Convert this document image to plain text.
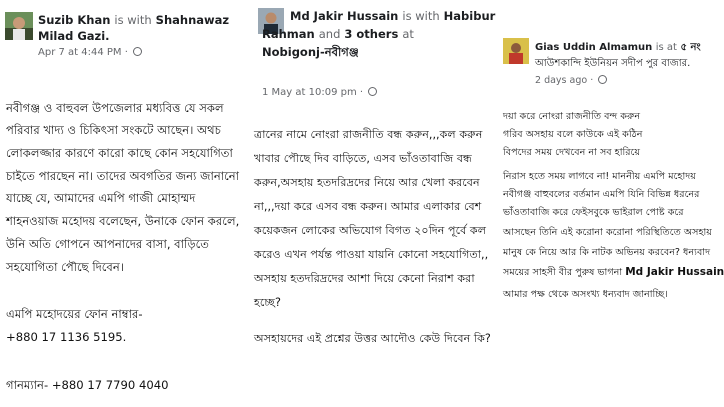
Suzib Khan is with Shahnawaz
Milad Gazi.
Apr 7 at 4:44 PM ·
নবীগঞ্জ ও বাহুবল উপজেলার মধ্যবিত্ত যে সকল
পরিবার খাদ্য ও চিকিৎসা সংকটে আছেন। অথচ
লোকলজ্জার কারণে কারো কাছে কোন সহযোগিতা
চাইতে পারছেন না। তাদের অবগতির জন্য জানানো
যাচ্ছে যে, আমাদের এমপি গাজী মোহাম্মদ
শাহনওয়াজ মহোদয় বলেছেন, উনাকে ফোন করলে,
উনি অতি গোপনে আপনাদের বাসা, বাড়িতে
সহযোগিতা পৌছে দিবেন।
এমপি মহোদয়ের ফোন নাম্বার-
+880 17 1136 5195.
গানম্যান- +880 17 7790 4040
Md Jakir Hussain is with Habibur
Rahman and 3 others at
Nobigonj-নবীগঞ্জ
1 May at 10:09 pm ·
ত্রানের নামে নোংরা রাজনীতি বন্ধ করুন,,,কল করুন
খাবার পৌছে দিব বাড়িতে, এসব ভাঁওতাবাজি বন্ধ
করুন,অসহায় হতদরিদ্রদের নিয়ে আর খেলা করবেন
না,,,দয়া করে এসব বন্ধ করুন। আমার এলাকার বেশ
কয়েকজন লোকের অভিযোগ বিগত ২০দিন পূর্বে কল
করেও এখন পর্যন্ত পাওয়া যায়নি কোনো সহযোগিতা,,
অসহায় হতদরিদ্রদের আশা দিয়ে কেনো নিরাশ করা
হচ্ছে?
অসহায়দের এই প্রশ্নের উত্তর আদৌও কেউ দিবেন কি?
Gias Uddin Almamun is at ৫ নং
আউশকান্দি ইউনিয়ন সদীপ পুর বাজার.
2 days ago ·
দয়া করে নোংরা রাজনীতি বন্দ করুন
গরিব অসহায় বলে কাউকে এই কঠিন
বিপদের সময় দেখবেন না সব হারিয়ে
নিরাস হতে সময় লাগবে না! মাননীয় এমপি মহোদয়
নবীগঞ্জ বাহুবলের বর্তমান এমপি যিনি বিভিন্ন ধরনের
ভাঁওতাবাজি করে ফেইসবুকে ভাইরাল পোষ্ট করে
আসছেন তিনি এই করোনা করোনা পরিস্থিতিতে অসহায়
মানুষ কে নিয়ে আর কি নাটক অভিনয় করবেন? ধন্যবাদ
সময়ের সাহসী বীর পুরুষ ভাগনা Md Jakir Hussain
আমার পক্ষ থেকে অসংখ্য ধন্যবাদ জানাচ্ছি।
